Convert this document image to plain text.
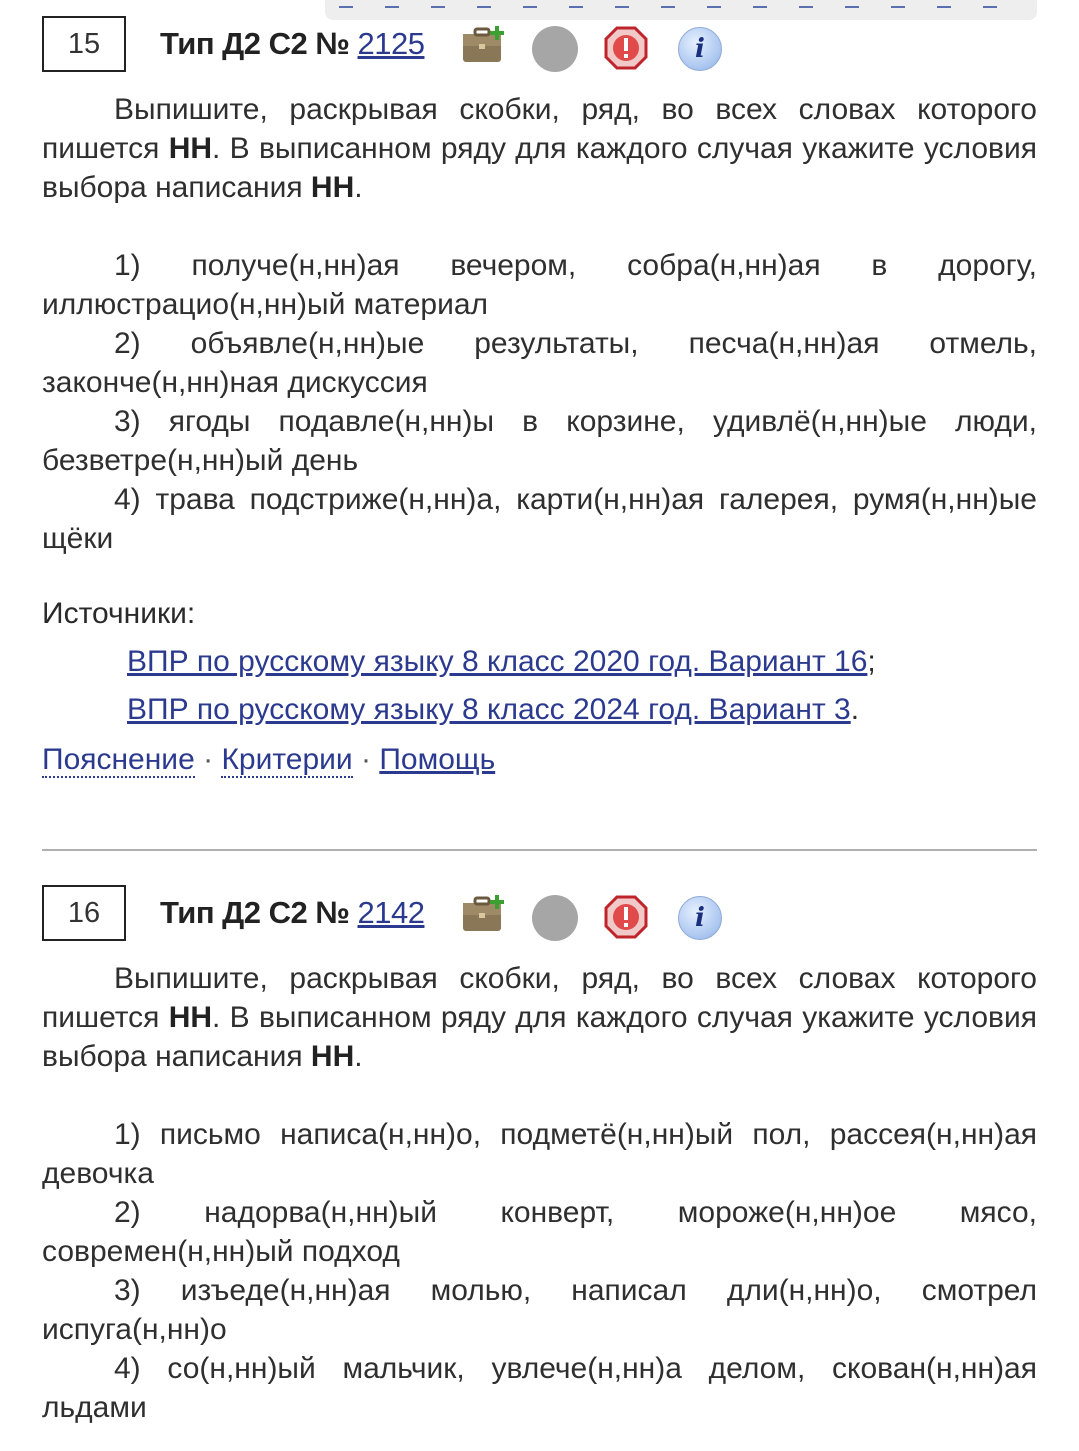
15	Тип Д2 С2 № 2125	i
Выпишите, раскрывая скобки, ряд, во всех словах которого пишется НН. В выписанном ряду для каждого случая укажите условия выбора написания НН.

1) получе(н,нн)ая вечером, собра(н,нн)ая в дорогу, иллюстрацио(н,нн)ый материал

2) объявле(н,нн)ые результаты, песча(н,нн)ая отмель, законче(н,нн)ная дискуссия

3) ягоды подавле(н,нн)ы в корзине, удивлё(н,нн)ые люди, безветре(н,нн)ый день

4) трава подстриже(н,нн)а, карти(н,нн)ая галерея, румя(н,нн)ые щёки

Источники:
ВПР по русскому языку 8 класс 2020 год. Вариант 16;
ВПР по русскому языку 8 класс 2024 год. Вариант 3.
Пояснение · Критерии · Помощь
16	Тип Д2 С2 № 2142	i
Выпишите, раскрывая скобки, ряд, во всех словах которого пишется НН. В выписанном ряду для каждого случая укажите условия выбора написания НН.

1) письмо написа(н,нн)о, подметё(н,нн)ый пол, рассея(н,нн)ая девочка

2) надорва(н,нн)ый конверт, мороже(н,нн)ое мясо, современ(н,нн)ый подход

3) изъеде(н,нн)ая молью, написал дли(н,нн)о, смотрел испуга(н,нн)о

4) со(н,нн)ый мальчик, увлече(н,нн)а делом, скован(н,нн)ая льдами
